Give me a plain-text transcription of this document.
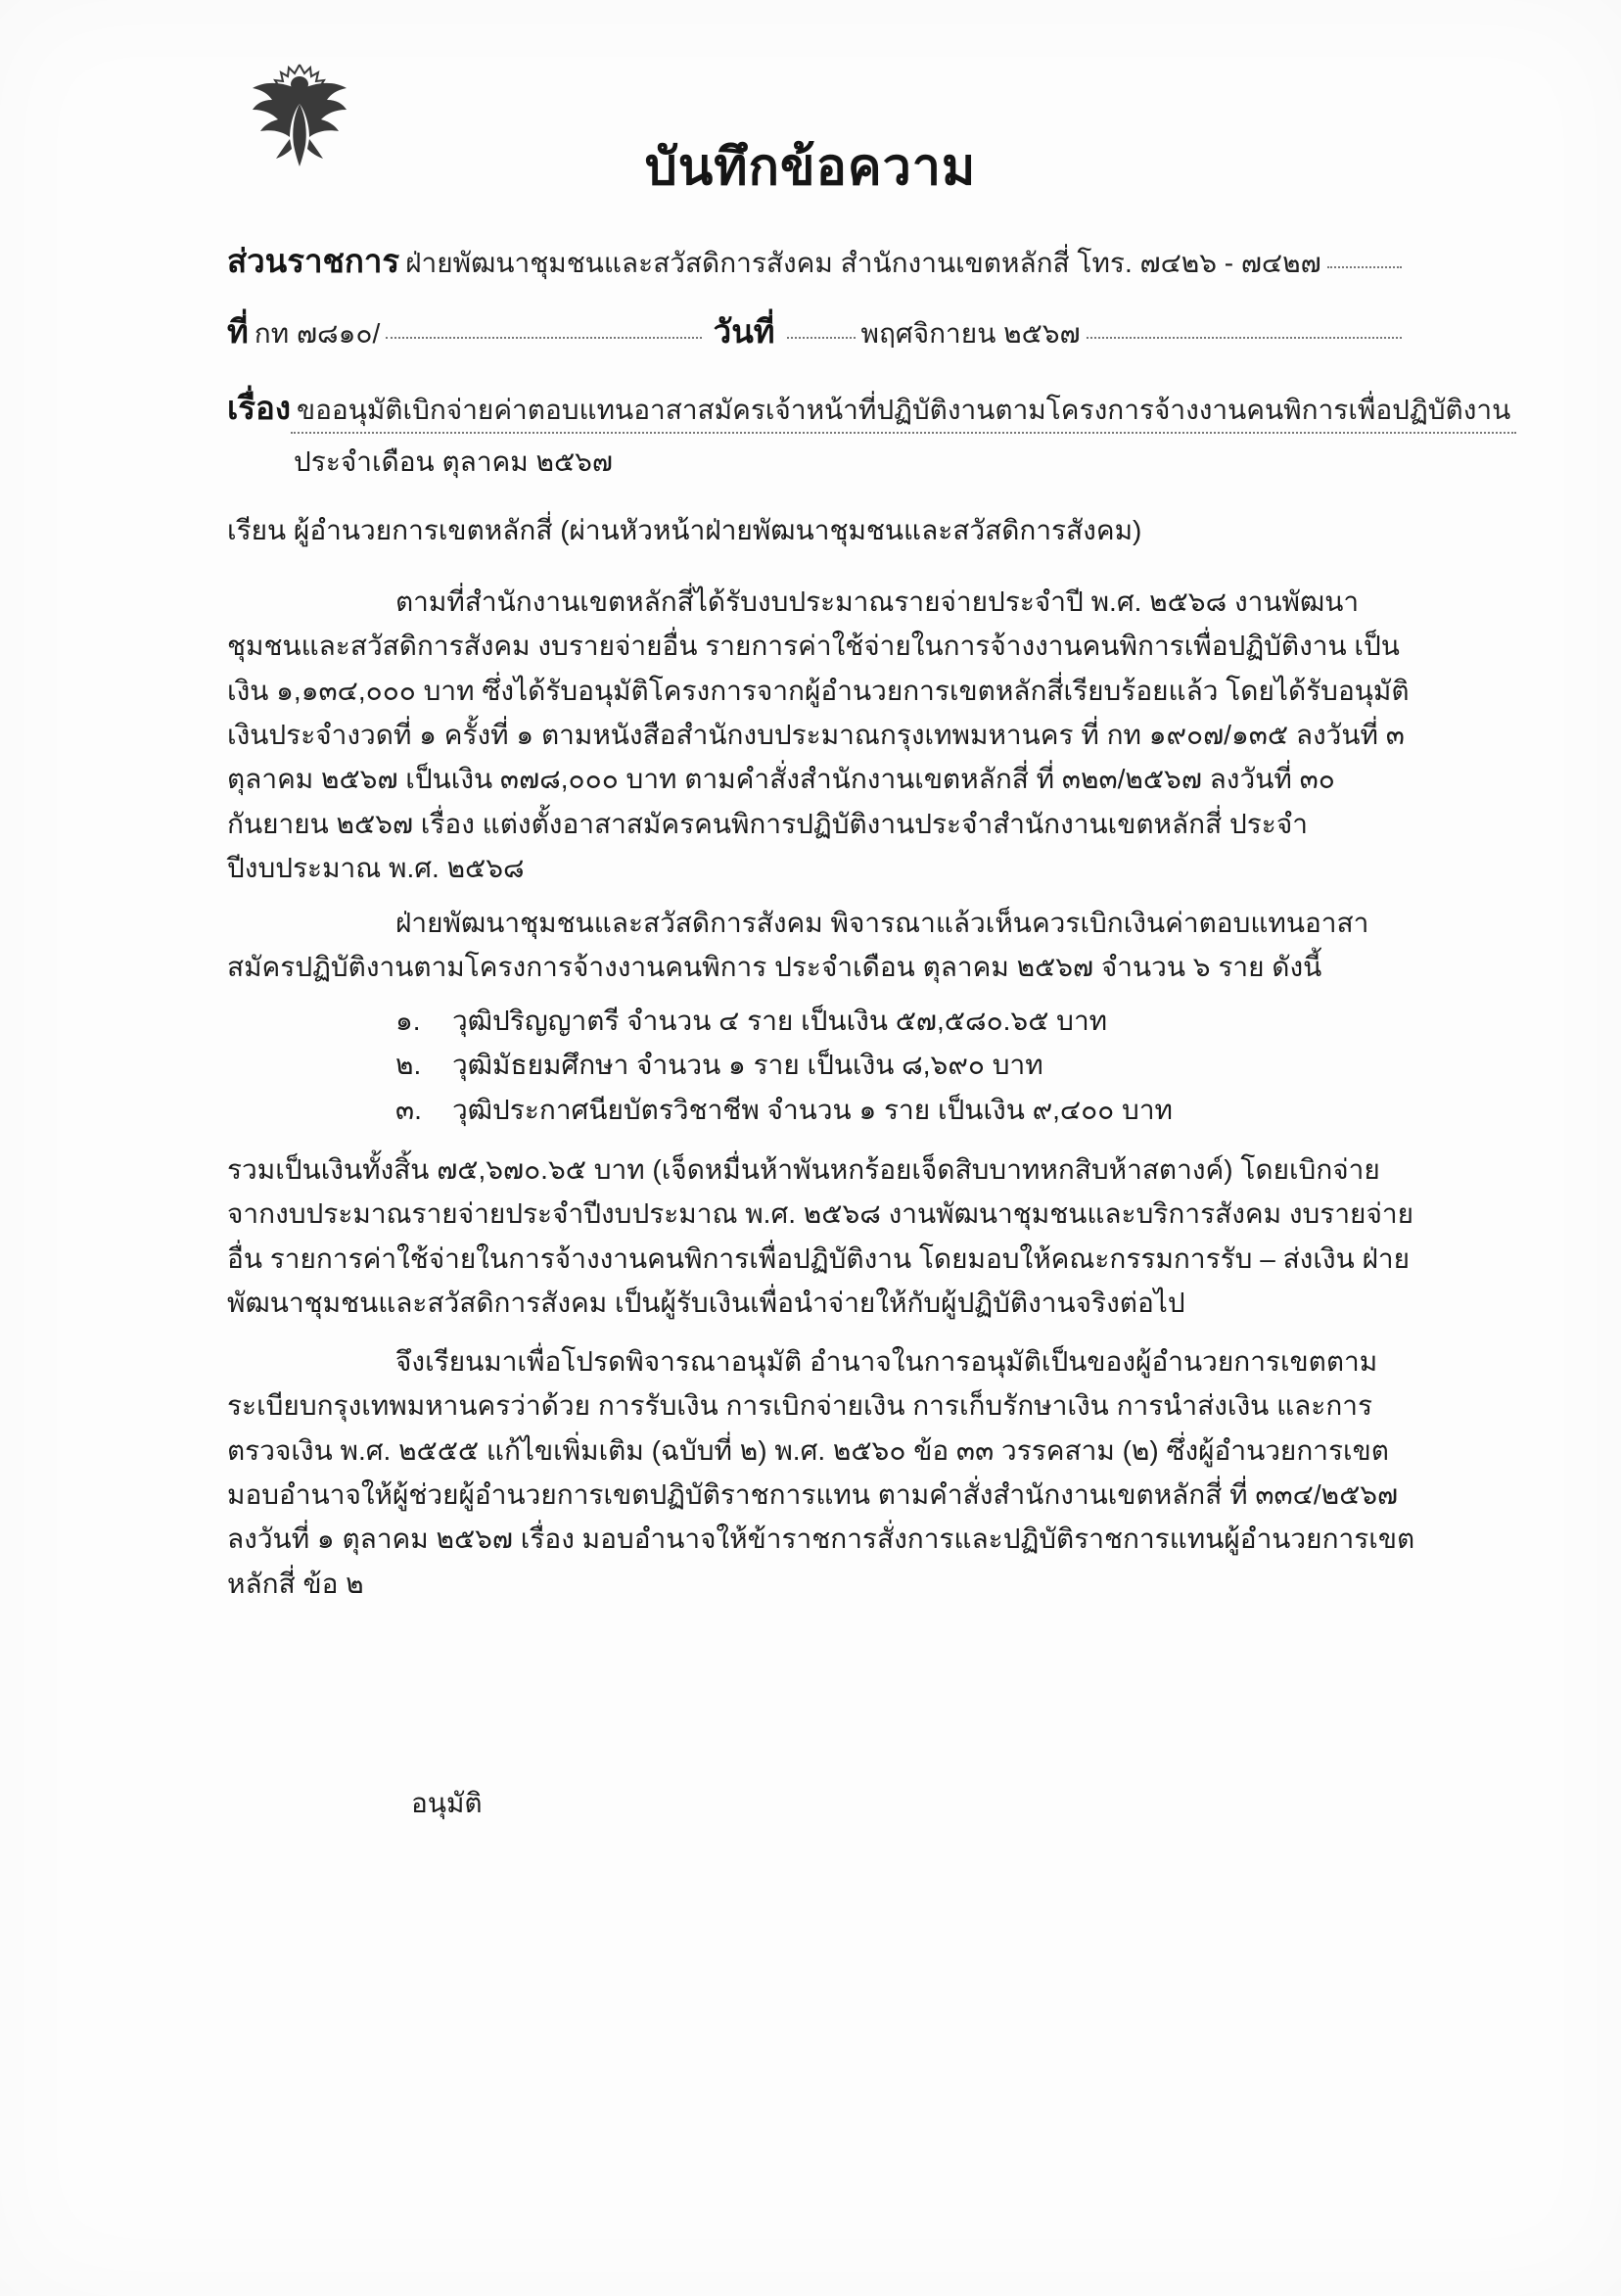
บันทึกข้อความ
ส่วนราชการ ฝ่ายพัฒนาชุมชนและสวัสดิการสังคม สำนักงานเขตหลักสี่ โทร. ๗๔๒๖ - ๗๔๒๗
ที่ กท ๗๘๑๐/	วันที่	พฤศจิกายน ๒๕๖๗
เรื่อง ขออนุมัติเบิกจ่ายค่าตอบแทนอาสาสมัครเจ้าหน้าที่ปฏิบัติงานตามโครงการจ้างงานคนพิการเพื่อปฏิบัติงาน
ประจำเดือน ตุลาคม ๒๕๖๗
เรียน ผู้อำนวยการเขตหลักสี่ (ผ่านหัวหน้าฝ่ายพัฒนาชุมชนและสวัสดิการสังคม)
ตามที่สำนักงานเขตหลักสี่ได้รับงบประมาณรายจ่ายประจำปี พ.ศ. ๒๕๖๘ งานพัฒนาชุมชนและสวัสดิการสังคม งบรายจ่ายอื่น รายการค่าใช้จ่ายในการจ้างงานคนพิการเพื่อปฏิบัติงาน เป็นเงิน ๑,๑๓๔,๐๐๐ บาท ซึ่งได้รับอนุมัติโครงการจากผู้อำนวยการเขตหลักสี่เรียบร้อยแล้ว โดยได้รับอนุมัติเงินประจำงวดที่ ๑ ครั้งที่ ๑ ตามหนังสือสำนักงบประมาณกรุงเทพมหานคร ที่ กท ๑๙๐๗/๑๓๕ ลงวันที่ ๓ ตุลาคม ๒๕๖๗ เป็นเงิน ๓๗๘,๐๐๐ บาท ตามคำสั่งสำนักงานเขตหลักสี่ ที่ ๓๒๓/๒๕๖๗ ลงวันที่ ๓๐ กันยายน ๒๕๖๗ เรื่อง แต่งตั้งอาสาสมัครคนพิการปฏิบัติงานประจำสำนักงานเขตหลักสี่ ประจำปีงบประมาณ พ.ศ. ๒๕๖๘
ฝ่ายพัฒนาชุมชนและสวัสดิการสังคม พิจารณาแล้วเห็นควรเบิกเงินค่าตอบแทนอาสาสมัครปฏิบัติงานตามโครงการจ้างงานคนพิการ ประจำเดือน ตุลาคม ๒๕๖๗ จำนวน ๖ ราย ดังนี้
๑. วุฒิปริญญาตรี จำนวน ๔ ราย เป็นเงิน ๕๗,๕๘๐.๖๕ บาท
๒. วุฒิมัธยมศึกษา จำนวน ๑ ราย เป็นเงิน ๘,๖๙๐ บาท
๓. วุฒิประกาศนียบัตรวิชาชีพ จำนวน ๑ ราย เป็นเงิน ๙,๔๐๐ บาท
รวมเป็นเงินทั้งสิ้น ๗๕,๖๗๐.๖๕ บาท (เจ็ดหมื่นห้าพันหกร้อยเจ็ดสิบบาทหกสิบห้าสตางค์) โดยเบิกจ่ายจากงบประมาณรายจ่ายประจำปีงบประมาณ พ.ศ. ๒๕๖๘ งานพัฒนาชุมชนและบริการสังคม งบรายจ่ายอื่น รายการค่าใช้จ่ายในการจ้างงานคนพิการเพื่อปฏิบัติงาน โดยมอบให้คณะกรรมการรับ – ส่งเงิน ฝ่ายพัฒนาชุมชนและสวัสดิการสังคม เป็นผู้รับเงินเพื่อนำจ่ายให้กับผู้ปฏิบัติงานจริงต่อไป
จึงเรียนมาเพื่อโปรดพิจารณาอนุมัติ อำนาจในการอนุมัติเป็นของผู้อำนวยการเขตตามระเบียบกรุงเทพมหานครว่าด้วย การรับเงิน การเบิกจ่ายเงิน การเก็บรักษาเงิน การนำส่งเงิน และการตรวจเงิน พ.ศ. ๒๕๕๕ แก้ไขเพิ่มเติม (ฉบับที่ ๒) พ.ศ. ๒๕๖๐ ข้อ ๓๓ วรรคสาม (๒) ซึ่งผู้อำนวยการเขตมอบอำนาจให้ผู้ช่วยผู้อำนวยการเขตปฏิบัติราชการแทน ตามคำสั่งสำนักงานเขตหลักสี่ ที่ ๓๓๔/๒๕๖๗ ลงวันที่ ๑ ตุลาคม ๒๕๖๗ เรื่อง มอบอำนาจให้ข้าราชการสั่งการและปฏิบัติราชการแทนผู้อำนวยการเขตหลักสี่ ข้อ ๒
อนุมัติ
